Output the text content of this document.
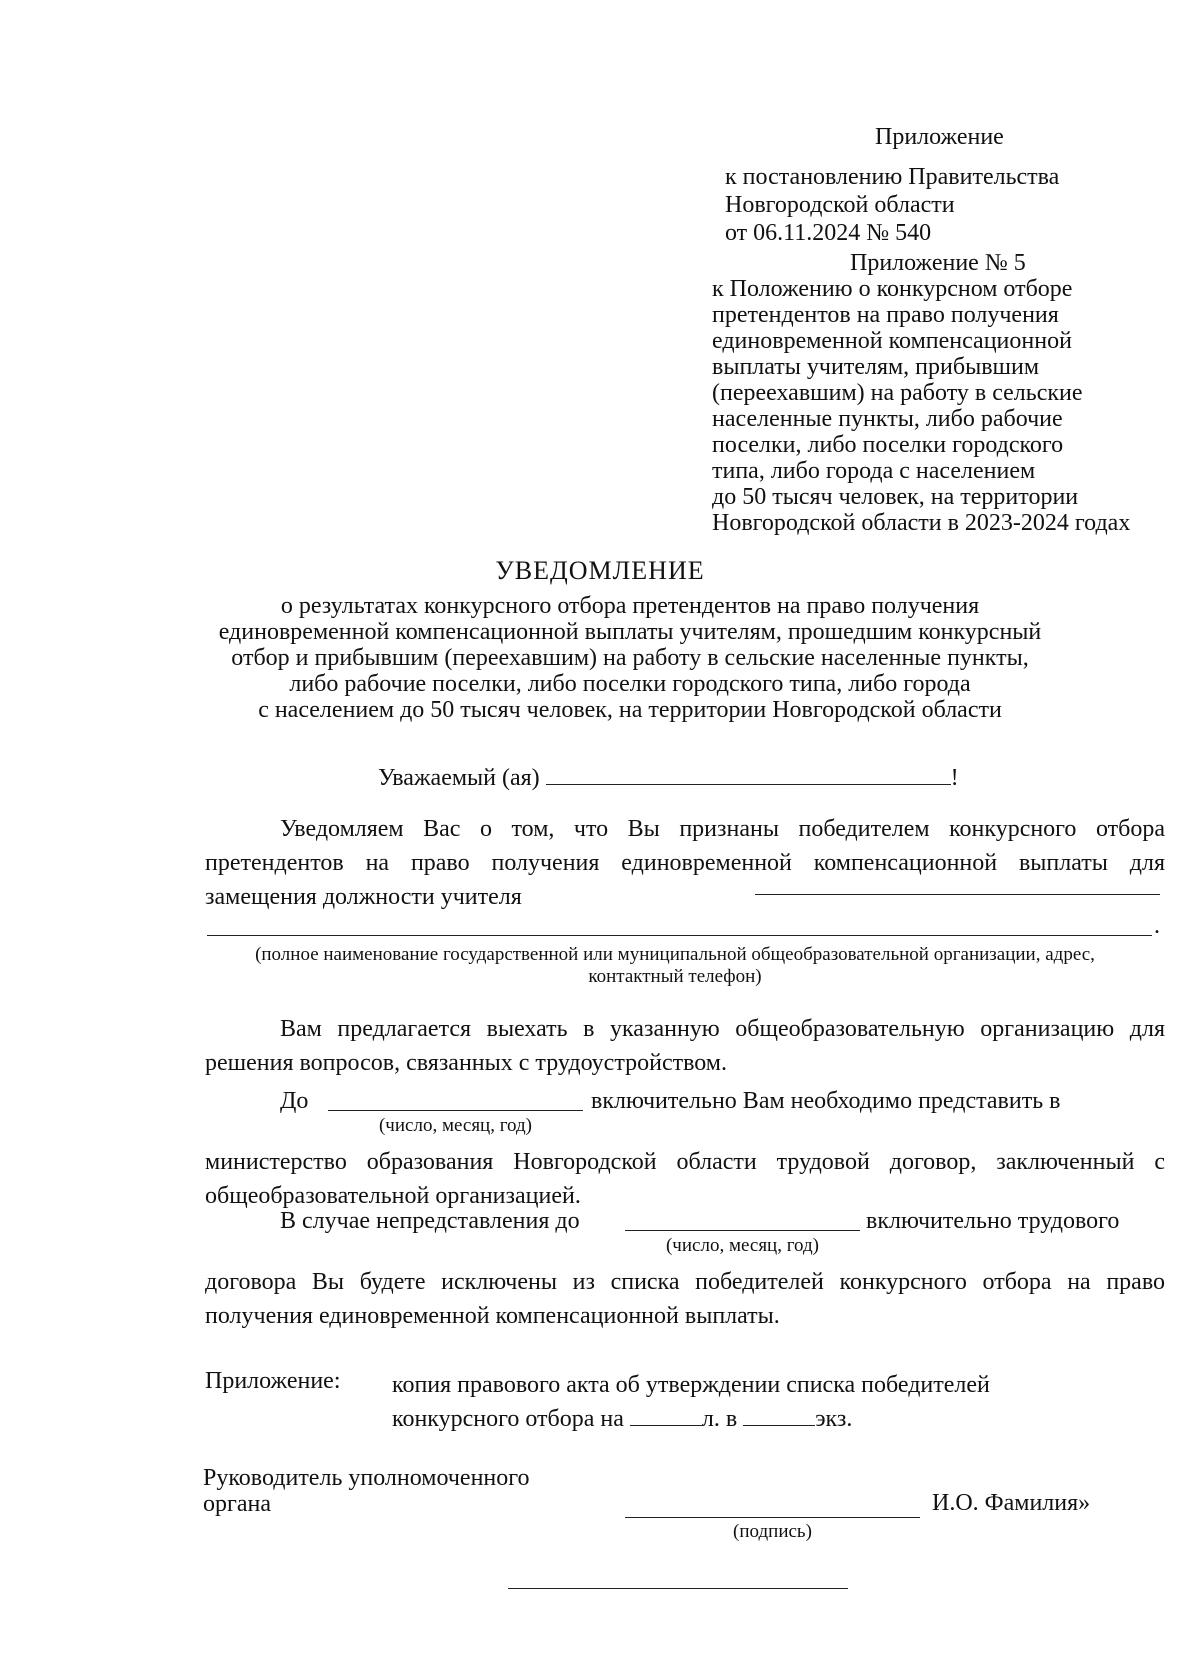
Приложение
к постановлению Правительства
Новгородской области
от 06.11.2024 № 540
Приложение № 5
к Положению о конкурсном отборе
претендентов на право получения
единовременной компенсационной
выплаты учителям, прибывшим
(переехавшим) на работу в сельские
населенные пункты, либо рабочие
поселки, либо поселки городского
типа, либо города с населением
до 50 тысяч человек, на территории
Новгородской области в 2023-2024 годах
УВЕДОМЛЕНИЕ
о результатах конкурсного отбора претендентов на право получения
единовременной компенсационной выплаты учителям, прошедшим конкурсный
отбор и прибывшим (переехавшим) на работу в сельские населенные пункты,
либо рабочие поселки, либо поселки городского типа, либо города
с населением до 50 тысяч человек, на территории Новгородской области
Уважаемый (ая)	!
Уведомляем Вас о том, что Вы признаны победителем конкурсного отбора претендентов на право получения единовременной компенсационной выплаты для замещения должности учителя
.
(полное наименование государственной или муниципальной общеобразовательной организации, адрес, контактный телефон)
Вам предлагается выехать в указанную общеобразовательную организацию для решения вопросов, связанных с трудоустройством.
До	включительно Вам необходимо представить в
(число, месяц, год)
министерство образования Новгородской области трудовой договор, заключенный с общеобразовательной организацией.
В случае непредставления до	включительно трудового
(число, месяц, год)
договора Вы будете исключены из списка победителей конкурсного отбора на право получения единовременной компенсационной выплаты.
Приложение: копия правового акта об утверждении списка победителей
конкурсного отбора на	л. в	экз.
Руководитель уполномоченного
органа	И.О. Фамилия»
(подпись)
